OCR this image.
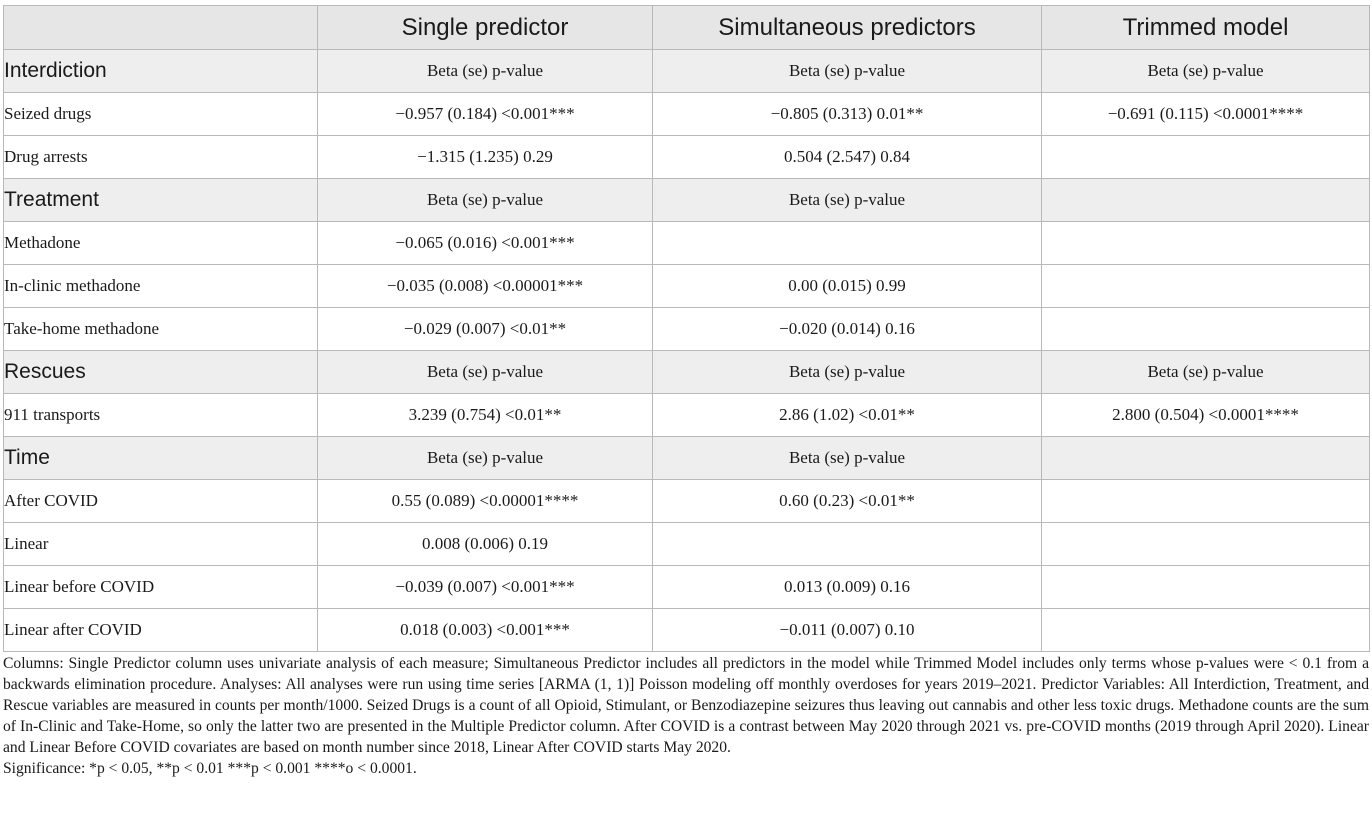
	Single predictor	Simultaneous predictors	Trimmed model
Interdiction	Beta (se) p-value	Beta (se) p-value	Beta (se) p-value
Seized drugs	−0.957 (0.184) <0.001***	−0.805 (0.313) 0.01**	−0.691 (0.115) <0.0001****
Drug arrests	−1.315 (1.235) 0.29	0.504 (2.547) 0.84	
Treatment	Beta (se) p-value	Beta (se) p-value	
Methadone	−0.065 (0.016) <0.001***		
In-clinic methadone	−0.035 (0.008) <0.00001***	0.00 (0.015) 0.99	
Take-home methadone	−0.029 (0.007) <0.01**	−0.020 (0.014) 0.16	
Rescues	Beta (se) p-value	Beta (se) p-value	Beta (se) p-value
911 transports	3.239 (0.754) <0.01**	2.86 (1.02) <0.01**	2.800 (0.504) <0.0001****
Time	Beta (se) p-value	Beta (se) p-value	
After COVID	0.55 (0.089) <0.00001****	0.60 (0.23) <0.01**	
Linear	0.008 (0.006) 0.19		
Linear before COVID	−0.039 (0.007) <0.001***	0.013 (0.009) 0.16	
Linear after COVID	0.018 (0.003) <0.001***	−0.011 (0.007) 0.10	

Columns: Single Predictor column uses univariate analysis of each measure; Simultaneous Predictor includes all predictors in the model while Trimmed Model includes only terms whose p-values were < 0.1 from a backwards elimination procedure. Analyses: All analyses were run using time series [ARMA (1, 1)] Poisson modeling off monthly overdoses for years 2019–2021. Predictor Variables: All Interdiction, Treatment, and Rescue variables are measured in counts per month/1000. Seized Drugs is a count of all Opioid, Stimulant, or Benzodiazepine seizures thus leaving out cannabis and other less toxic drugs. Methadone counts are the sum of In-Clinic and Take-Home, so only the latter two are presented in the Multiple Predictor column. After COVID is a contrast between May 2020 through 2021 vs. pre-COVID months (2019 through April 2020). Linear and Linear Before COVID covariates are based on month number since 2018, Linear After COVID starts May 2020.

Significance: *p < 0.05, **p < 0.01 ***p < 0.001 ****o < 0.0001.
